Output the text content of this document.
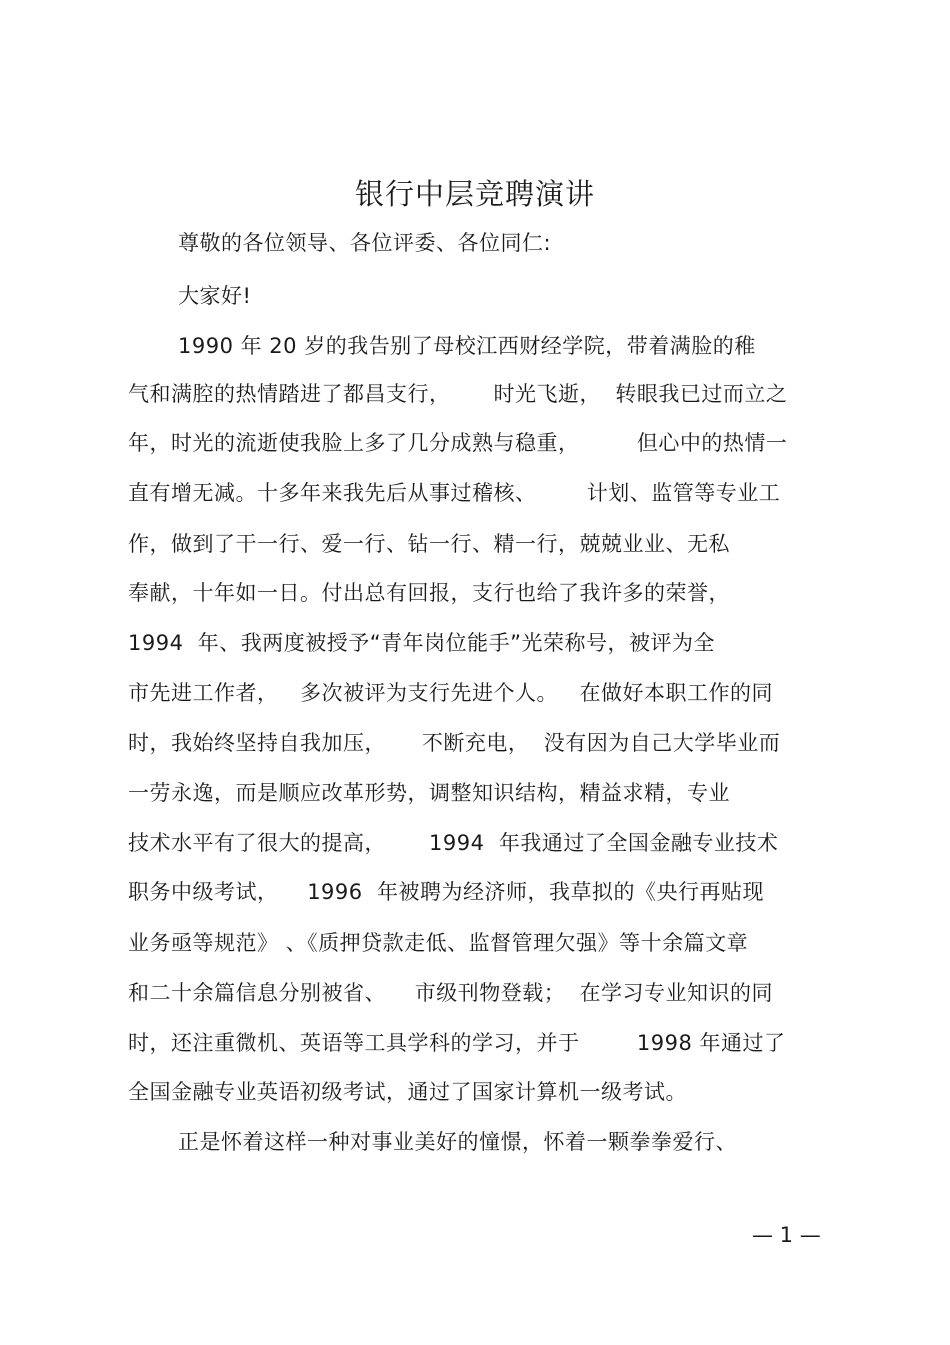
银行中层竞聘演讲
尊敬的各位领导、各位评委、各位同仁:
大家好!
1990 年 20 岁的我告别了母校江西财经学院，带着满脸的稚
气和满腔的热情踏进了都昌支行，      时光飞逝，  转眼我已过而立之
年，时光的流逝使我脸上多了几分成熟与稳重，        但心中的热情一
直有增无减。十多年来我先后从事过稽核、       计划、监管等专业工
作，做到了干一行、爱一行、钻一行、精一行，兢兢业业、无私
奉献，十年如一日。付出总有回报，支行也给了我许多的荣誉，
1994  年、我两度被授予“青年岗位能手”光荣称号，被评为全
市先进工作者，   多次被评为支行先进个人。   在做好本职工作的同
时，我始终坚持自我加压，     不断充电，  没有因为自己大学毕业而
一劳永逸，而是顺应改革形势，调整知识结构，精益求精，专业
技术水平有了很大的提高，      1994  年我通过了全国金融专业技术
职务中级考试，    1996  年被聘为经济师，我草拟的《央行再贴现
业务亟等规范》 、《质押贷款走低、监督管理欠强》等十余篇文章
和二十余篇信息分别被省、    市级刊物登载；  在学习专业知识的同
时，还注重微机、英语等工具学科的学习，并于        1998 年通过了
全国金融专业英语初级考试，通过了国家计算机一级考试。
正是怀着这样一种对事业美好的憧憬，怀着一颗拳拳爱行、
— 1 —
